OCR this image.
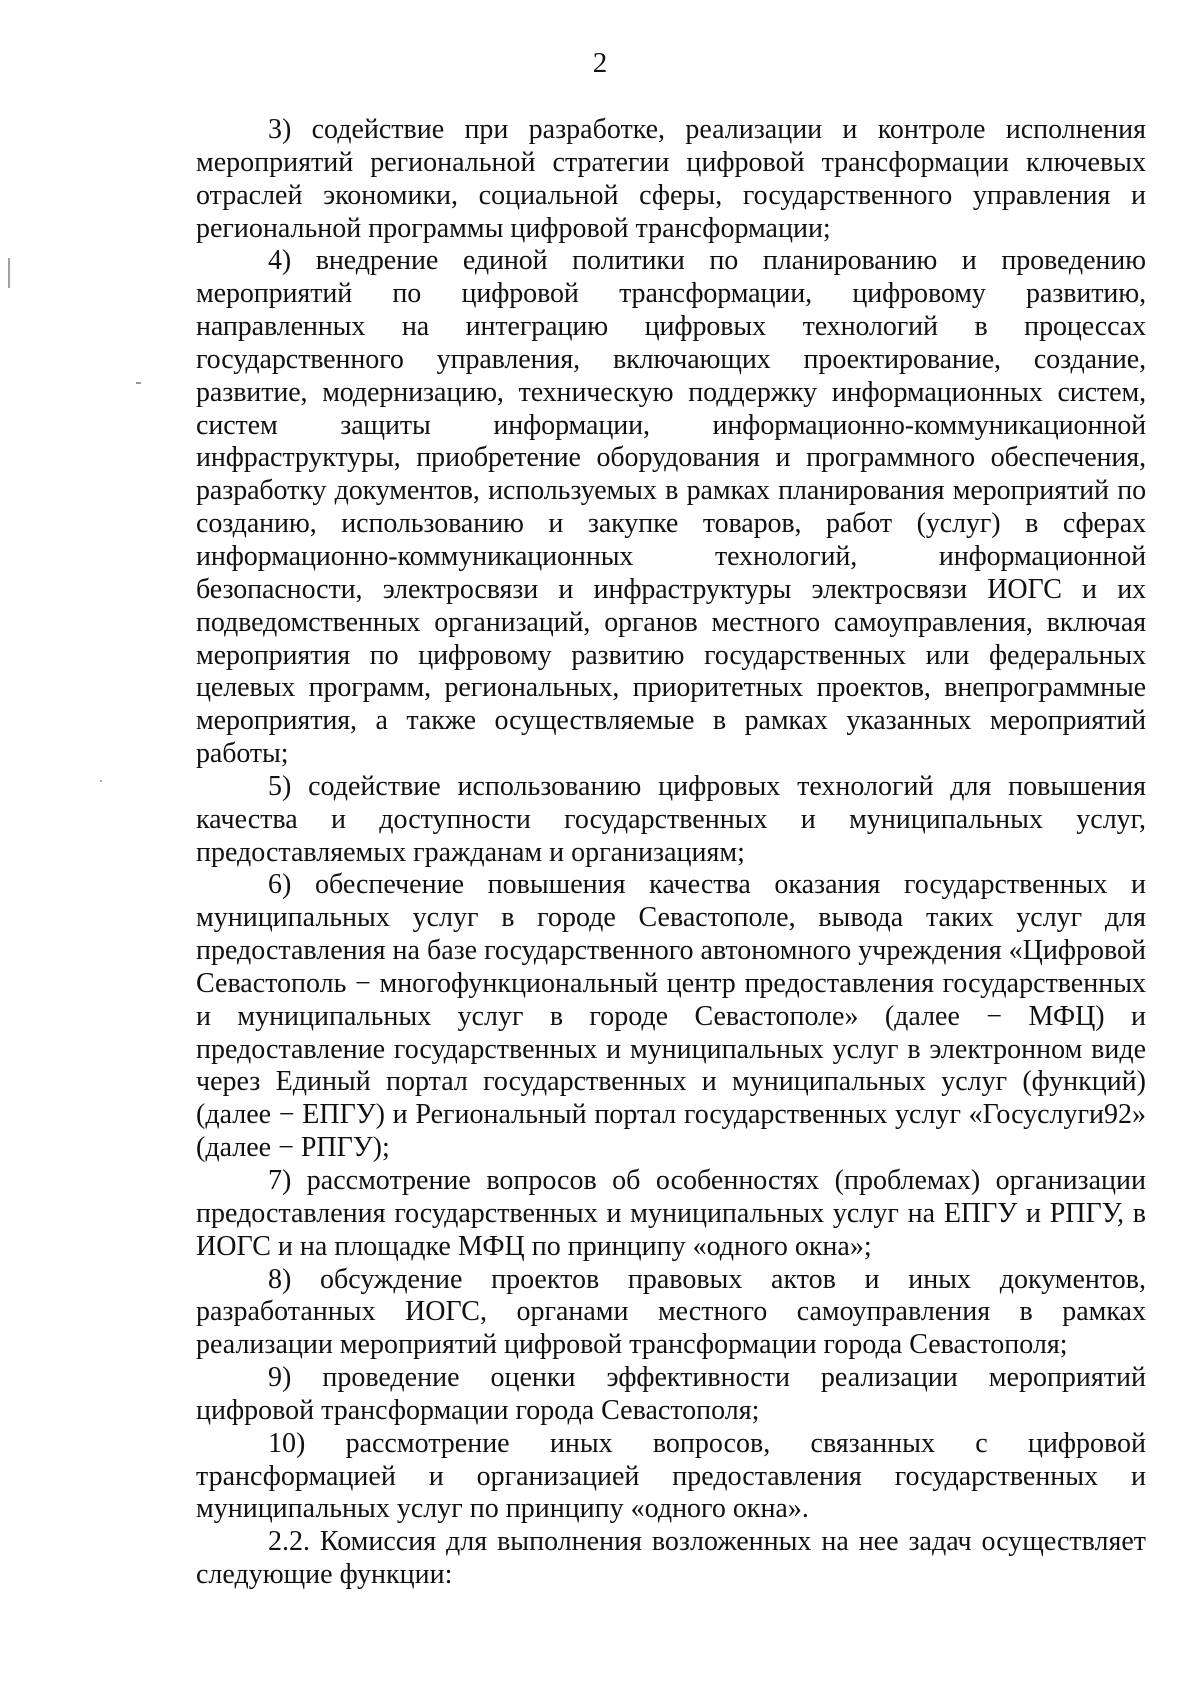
2

3) содействие при разработке, реализации и контроле исполнения мероприятий региональной стратегии цифровой трансформации ключевых отраслей экономики, социальной сферы, государственного управления и региональной программы цифровой трансформации;

4) внедрение единой политики по планированию и проведению мероприятий по цифровой трансформации, цифровому развитию, направленных на интеграцию цифровых технологий в процессах государственного управления, включающих проектирование, создание, развитие, модернизацию, техническую поддержку информационных систем, систем защиты информации, информационно-коммуникационной инфраструктуры, приобретение оборудования и программного обеспечения, разработку документов, используемых в рамках планирования мероприятий по созданию, использованию и закупке товаров, работ (услуг) в сферах информационно-коммуникационных технологий, информационной безопасности, электросвязи и инфраструктуры электросвязи ИОГС и их подведомственных организаций, органов местного самоуправления, включая мероприятия по цифровому развитию государственных или федеральных целевых программ, региональных, приоритетных проектов, внепрограммные мероприятия, а также осуществляемые в рамках указанных мероприятий работы;

5) содействие использованию цифровых технологий для повышения качества и доступности государственных и муниципальных услуг, предоставляемых гражданам и организациям;

6) обеспечение повышения качества оказания государственных и муниципальных услуг в городе Севастополе, вывода таких услуг для предоставления на базе государственного автономного учреждения «Цифровой Севастополь − многофункциональный центр предоставления государственных и муниципальных услуг в городе Севастополе» (далее − МФЦ) и предоставление государственных и муниципальных услуг в электронном виде через Единый портал государственных и муниципальных услуг (функций) (далее − ЕПГУ) и Региональный портал государственных услуг «Госуслуги92» (далее − РПГУ);

7) рассмотрение вопросов об особенностях (проблемах) организации предоставления государственных и муниципальных услуг на ЕПГУ и РПГУ, в ИОГС и на площадке МФЦ по принципу «одного окна»;

8) обсуждение проектов правовых актов и иных документов, разработанных ИОГС, органами местного самоуправления в рамках реализации мероприятий цифровой трансформации города Севастополя;

9) проведение оценки эффективности реализации мероприятий цифровой трансформации города Севастополя;

10) рассмотрение иных вопросов, связанных с цифровой трансформацией и организацией предоставления государственных и муниципальных услуг по принципу «одного окна».

2.2. Комиссия для выполнения возложенных на нее задач осуществляет следующие функции:
